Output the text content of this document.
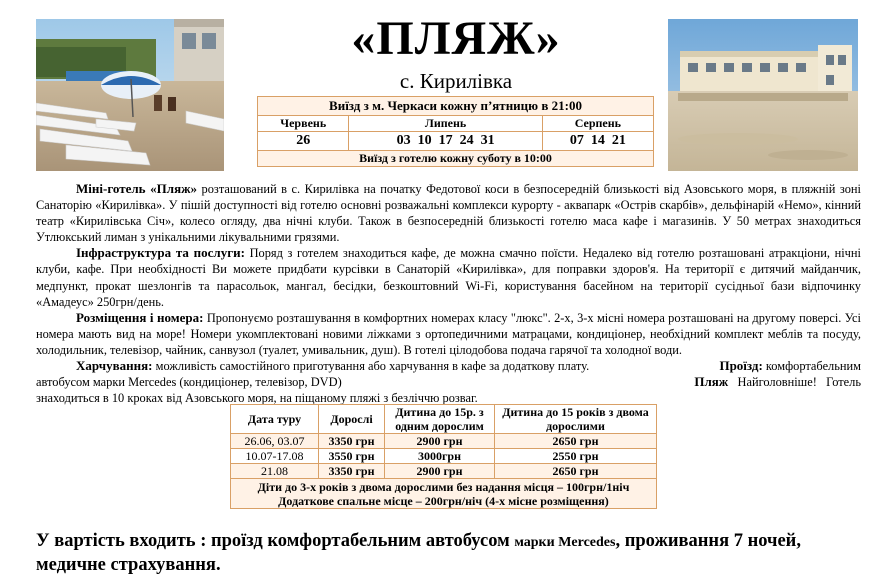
«ПЛЯЖ»
с. Кирилівка
Виїзд з м. Черкаси кожну п’ятницю в 21:00		
Червень	Липень	Серпень
26	03  10  17  24  31	07  14  21
Виїзд з готелю кожну суботу в 10:00		

Міні-готель «Пляж» розташований в с. Кирилівка на початку Федотової коси в безпосередній близькості від Азовського моря, в пляжній зоні Санаторію «Кирилівка». У пішій доступності від готелю основні розважальні комплекси курорту - аквапарк «Острів скарбів», дельфінарій «Немо», кінний театр «Кирилівська Січ», колесо огляду, два нічні клуби. Також в безпосередній близькості готелю маса кафе і магазинів. У 50 метрах знаходиться Утлюкський лиман з унікальними лікувальними грязями.

Інфраструктура та послуги: Поряд з готелем знаходиться кафе, де можна смачно поїсти. Недалеко від готелю розташовані атракціони, нічні клуби, кафе. При необхідності Ви можете придбати курсівки в Санаторій «Кирилівка», для поправки здоров'я. На території є дитячий майданчик, медпункт, прокат шезлонгів та парасольок, мангал, бесідки, безкоштовний Wi-Fi, користування басейном на території сусідньої бази відпочинку «Амадеус» 250грн/день.

Розміщення і номера: Пропонуємо розташування в комфортних номерах класу "люкс". 2-х, 3-х місні номера розташовані на другому поверсі. Усі номера мають вид на море! Номери укомплектовані новими ліжками з ортопедичними матрацами, кондиціонер, необхідний комплект меблів та посуду, холодильник, телевізор, чайник, санвузол (туалет, умивальник, душ). В готелі цілодобова подача гарячої та холодної води.

Харчування: можливість самостійного приготування або харчування в кафе за додаткову плату.	Проїзд: комфортабельним

автобусом марки Mercedes (кондиціонер, телевізор, DVD)	Пляж   Найголовніше!   Готель

знаходиться в 10 кроках від Азовського моря, на піщаному пляжі з безліччю розваг.

Дата туру	Дорослі	Дитина до 15р. з одним дорослим	Дитина до 15 років з двома дорослими
26.06, 03.07	3350 грн	2900 грн	2650 грн
10.07-17.08	3550 грн	3000грн	2550 грн
21.08	3350 грн	2900 грн	2650 грн

Діти до 3-х років з двома дорослими без надання місця – 100грн/1ніч
Додаткове спальне місце – 200грн/ніч (4-х місне розміщення)			
У вартість входить : проїзд комфортабельним автобусом марки Mercedes, проживання 7 ночей,
медичне страхування.
